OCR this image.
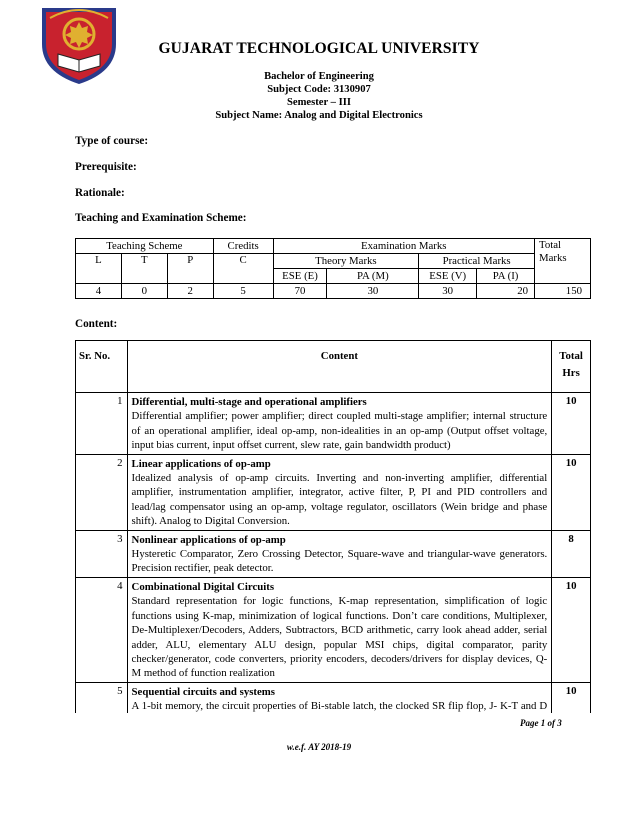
GUJARAT TECHNOLOGICAL UNIVERSITY
Bachelor of Engineering
Subject Code: 3130907
Semester – III
Subject Name: Analog and Digital Electronics
Type of course:
Prerequisite:
Rationale:
Teaching and Examination Scheme:
Teaching Scheme			Credits	Examination Marks				Total
Marks
L	T	P	C	Theory Marks		Practical Marks		
				ESE (E)	PA (M)	ESE (V)	PA (I)	
4	0	2	5	70	30	30	20	150
Content:
Sr. No.	Content	Total
Hrs
1	Differential, multi-stage and operational amplifiers
Differential amplifier; power amplifier; direct coupled multi-stage amplifier; internal structure of an operational amplifier, ideal op-amp, non-idealities in an op-amp (Output offset voltage, input bias current, input offset current, slew rate, gain bandwidth product)	10
2	Linear applications of op-amp
Idealized analysis of op-amp circuits. Inverting and non-inverting amplifier, differential amplifier, instrumentation amplifier, integrator, active filter, P, PI and PID controllers and lead/lag compensator using an op-amp, voltage regulator, oscillators (Wein bridge and phase shift). Analog to Digital Conversion.	10
3	Nonlinear applications of op-amp
Hysteretic Comparator, Zero Crossing Detector, Square-wave and triangular-wave generators. Precision rectifier, peak detector.	8
4	Combinational Digital Circuits
Standard representation for logic functions, K-map representation, simplification of logic functions using K-map, minimization of logical functions. Don’t care conditions, Multiplexer, De-Multiplexer/Decoders, Adders, Subtractors, BCD arithmetic, carry look ahead adder, serial adder, ALU, elementary ALU design, popular MSI chips, digital comparator, parity checker/generator, code converters, priority encoders, decoders/drivers for display devices, Q-M method of function realization	10
5	Sequential circuits and systems
A 1-bit memory, the circuit properties of Bi-stable latch, the clocked SR flip flop, J- K-T and D	10
Page 1 of 3
w.e.f. AY 2018-19
